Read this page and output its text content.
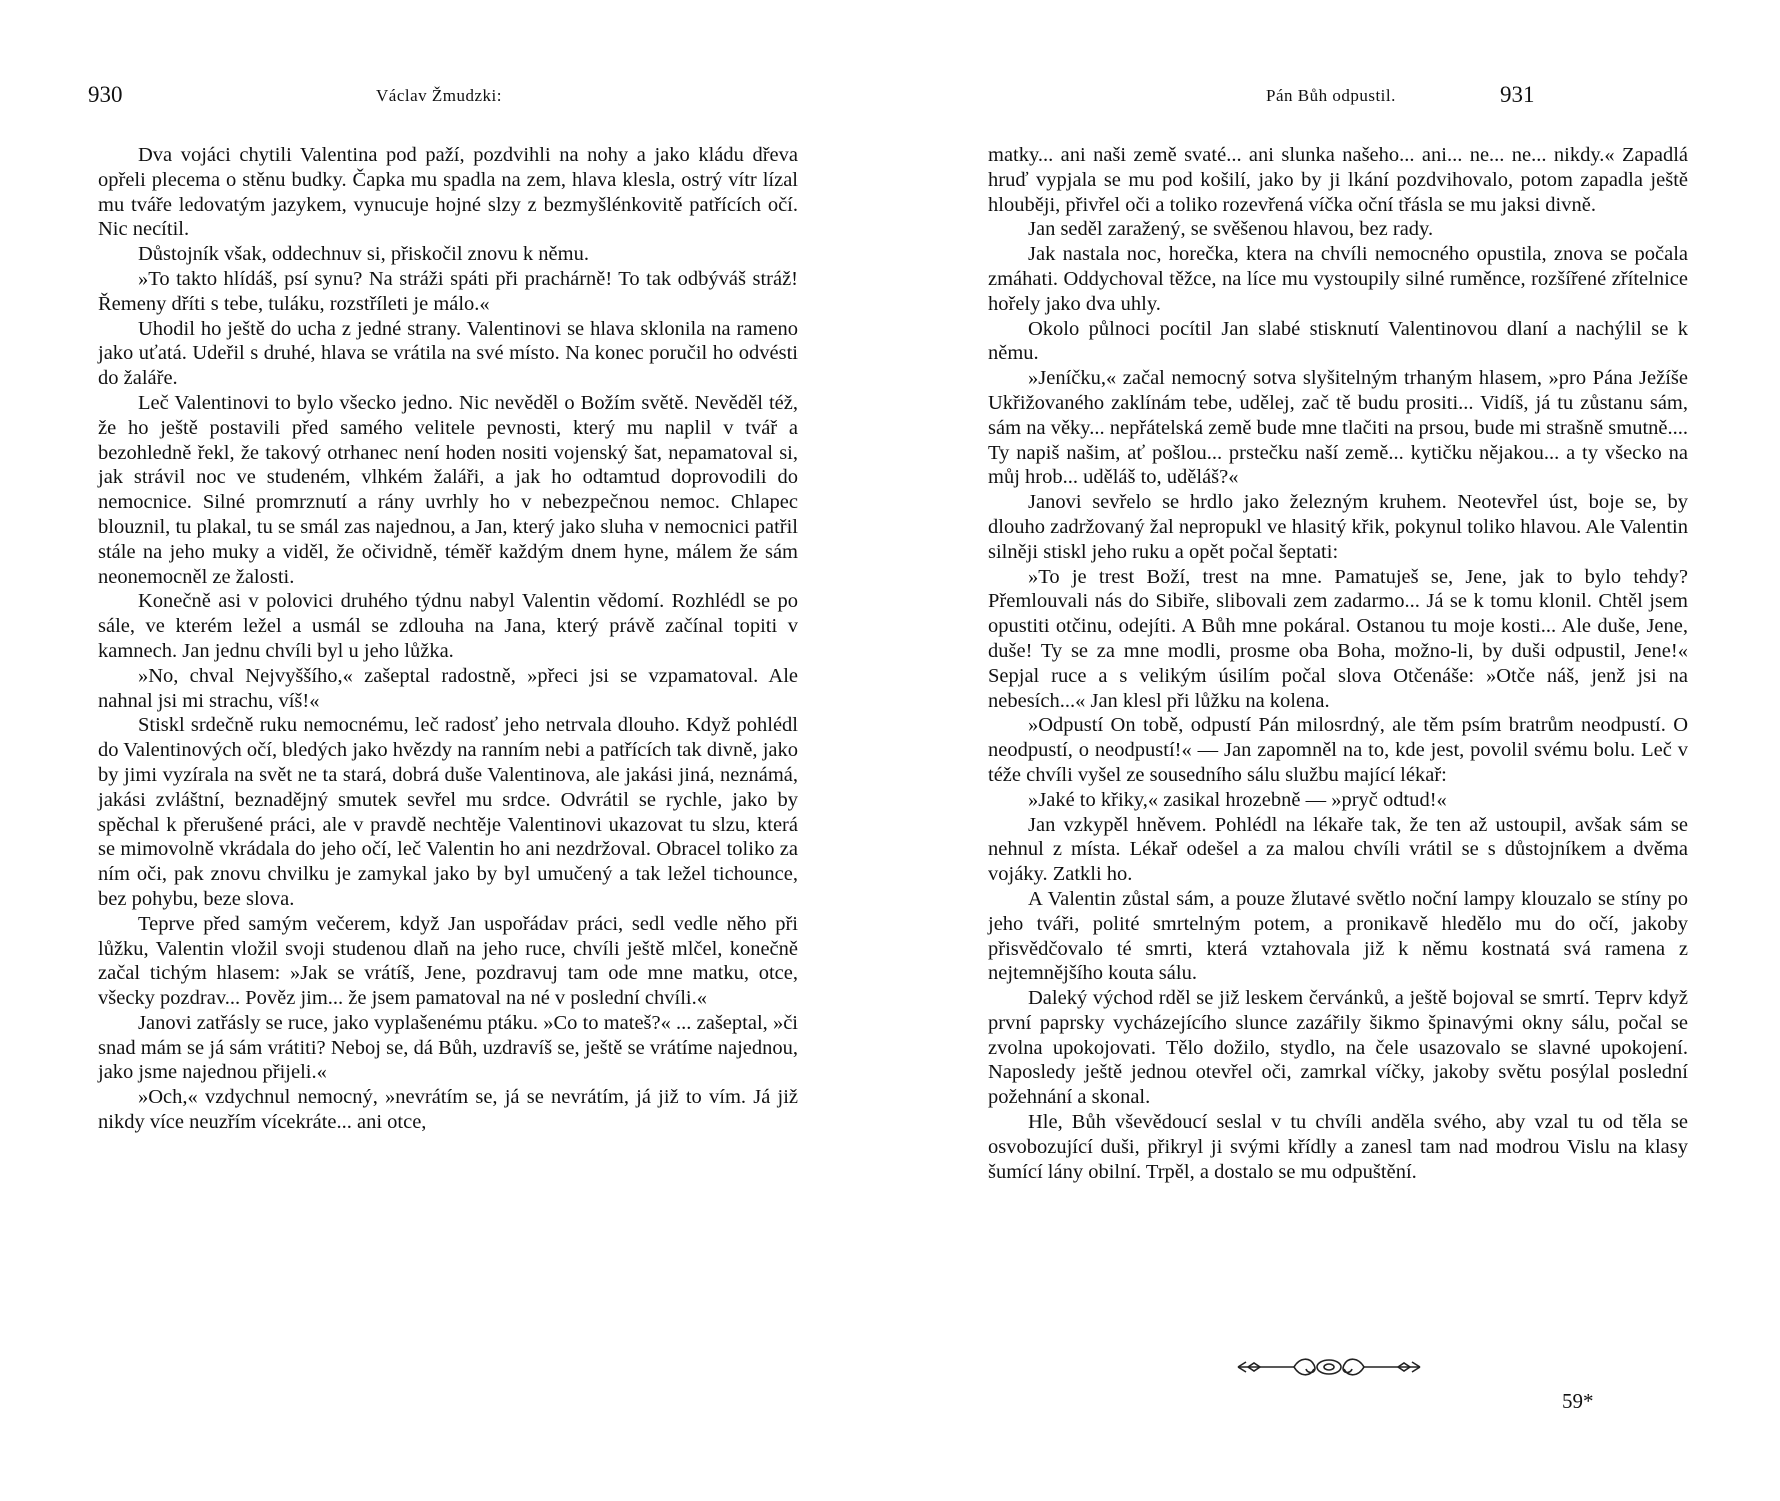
930	Václav Žmudzki:

Dva vojáci chytili Valentina pod paží, pozdvihli na nohy a jako kládu dřeva opřeli plecema o stěnu budky. Čapka mu spadla na zem, hlava klesla, ostrý vítr lízal mu tváře ledovatým jazykem, vynucuje hojné slzy z bezmyšlénkovitě patřících očí. Nic necítil.

Důstojník však, oddechnuv si, přiskočil znovu k němu.

»To takto hlídáš, psí synu? Na stráži spáti při prachárně! To tak odbýváš stráž! Řemeny dříti s tebe, tuláku, rozstříleti je málo.«

Uhodil ho ještě do ucha z jedné strany. Valentinovi se hlava sklonila na rameno jako uťatá. Udeřil s druhé, hlava se vrátila na své místo. Na konec poručil ho odvésti do žaláře.

Leč Valentinovi to bylo všecko jedno. Nic nevěděl o Božím světě. Nevěděl též, že ho ještě postavili před samého velitele pevnosti, který mu naplil v tvář a bezohledně řekl, že takový otrhanec není hoden nositi vojenský šat, nepamatoval si, jak strávil noc ve studeném, vlhkém žaláři, a jak ho odtamtud doprovodili do nemocnice. Silné promrznutí a rány uvrhly ho v nebezpečnou nemoc. Chlapec blouznil, tu plakal, tu se smál zas najednou, a Jan, který jako sluha v nemocnici patřil stále na jeho muky a viděl, že očividně, téměř každým dnem hyne, málem že sám neonemocněl ze žalosti.

Konečně asi v polovici druhého týdnu nabyl Valentin vědomí. Rozhlédl se po sále, ve kterém ležel a usmál se zdlouha na Jana, který právě začínal topiti v kamnech. Jan jednu chvíli byl u jeho lůžka.

»No, chval Nejvyššího,« zašeptal radostně, »přeci jsi se vzpamatoval. Ale nahnal jsi mi strachu, víš!«

Stiskl srdečně ruku nemocnému, leč radosť jeho netrvala dlouho. Když pohlédl do Valentinových očí, bledých jako hvězdy na ranním nebi a patřících tak divně, jako by jimi vyzírala na svět ne ta stará, dobrá duše Valentinova, ale jakási jiná, neznámá, jakási zvláštní, beznadějný smutek sevřel mu srdce. Odvrátil se rychle, jako by spěchal k přerušené práci, ale v pravdě nechtěje Valentinovi ukazovat tu slzu, která se mimovolně vkrádala do jeho očí, leč Valentin ho ani nezdržoval. Obracel toliko za ním oči, pak znovu chvilku je zamykal jako by byl umučený a tak ležel tichounce, bez pohybu, beze slova.

Teprve před samým večerem, když Jan uspořádav práci, sedl vedle něho při lůžku, Valentin vložil svoji studenou dlaň na jeho ruce, chvíli ještě mlčel, konečně začal tichým hlasem: »Jak se vrátíš, Jene, pozdravuj tam ode mne matku, otce, všecky pozdrav... Pověz jim... že jsem pamatoval na né v poslední chvíli.«

Janovi zatřásly se ruce, jako vyplašenému ptáku. »Co to mateš?« ... zašeptal, »či snad mám se já sám vrátiti? Neboj se, dá Bůh, uzdravíš se, ještě se vrátíme najednou, jako jsme najednou přijeli.«

»Och,« vzdychnul nemocný, »nevrátím se, já se nevrátím, já již to vím. Já již nikdy více neuzřím vícekráte... ani otce,

Pán Bůh odpustil.	931

matky... ani naši země svaté... ani slunka našeho... ani... ne... ne... nikdy.« Zapadlá hruď vypjala se mu pod košilí, jako by ji lkání pozdvihovalo, potom zapadla ještě hlouběji, přivřel oči a toliko rozevřená víčka oční třásla se mu jaksi divně.

Jan seděl zaražený, se svěšenou hlavou, bez rady.

Jak nastala noc, horečka, ktera na chvíli nemocného opustila, znova se počala zmáhati. Oddychoval těžce, na líce mu vystoupily silné ruměnce, rozšířené zřítelnice hořely jako dva uhly.

Okolo půlnoci pocítil Jan slabé stisknutí Valentinovou dlaní a nachýlil se k němu.

»Jeníčku,« začal nemocný sotva slyšitelným trhaným hlasem, »pro Pána Ježíše Ukřižovaného zaklínám tebe, udělej, zač tě budu prositi... Vidíš, já tu zůstanu sám, sám na věky... nepřátelská země bude mne tlačiti na prsou, bude mi strašně smutně.... Ty napiš našim, ať pošlou... prstečku naší země... kytičku nějakou... a ty všecko na můj hrob... uděláš to, uděláš?«

Janovi sevřelo se hrdlo jako železným kruhem. Neotevřel úst, boje se, by dlouho zadržovaný žal nepropukl ve hlasitý křik, pokynul toliko hlavou. Ale Valentin silněji stiskl jeho ruku a opět počal šeptati:

»To je trest Boží, trest na mne. Pamatuješ se, Jene, jak to bylo tehdy? Přemlouvali nás do Sibiře, slibovali zem zadarmo... Já se k tomu klonil. Chtěl jsem opustiti otčinu, odejíti. A Bůh mne pokáral. Ostanou tu moje kosti... Ale duše, Jene, duše! Ty se za mne modli, prosme oba Boha, možno-li, by duši odpustil, Jene!« Sepjal ruce a s velikým úsilím počal slova Otčenáše: »Otče náš, jenž jsi na nebesích...« Jan klesl při lůžku na kolena.

»Odpustí On tobě, odpustí Pán milosrdný, ale těm psím bratrům neodpustí. O neodpustí, o neodpustí!« — Jan zapomněl na to, kde jest, povolil svému bolu. Leč v téže chvíli vyšel ze sousedního sálu službu mající lékař:

»Jaké to křiky,« zasikal hrozebně — »pryč odtud!«

Jan vzkypěl hněvem. Pohlédl na lékaře tak, že ten až ustoupil, avšak sám se nehnul z místa. Lékař odešel a za malou chvíli vrátil se s důstojníkem a dvěma vojáky. Zatkli ho.

A Valentin zůstal sám, a pouze žlutavé světlo noční lampy klouzalo se stíny po jeho tváři, polité smrtelným potem, a pronikavě hledělo mu do očí, jakoby přisvědčovalo té smrti, která vztahovala již k němu kostnatá svá ramena z nejtemnějšího kouta sálu.

Daleký východ rděl se již leskem červánků, a ještě bojoval se smrtí. Teprv když první paprsky vycházejícího slunce zazářily šikmo špinavými okny sálu, počal se zvolna upokojovati. Tělo dožilo, stydlo, na čele usazovalo se slavné upokojení. Naposledy ještě jednou otevřel oči, zamrkal víčky, jakoby světu posýlal poslední požehnání a skonal.

Hle, Bůh vševědoucí seslal v tu chvíli anděla svého, aby vzal tu od těla se osvobozující duši, přikryl ji svými křídly a zanesl tam nad modrou Vislu na klasy šumící lány obilní. Trpěl, a dostalo se mu odpuštění.

59*
